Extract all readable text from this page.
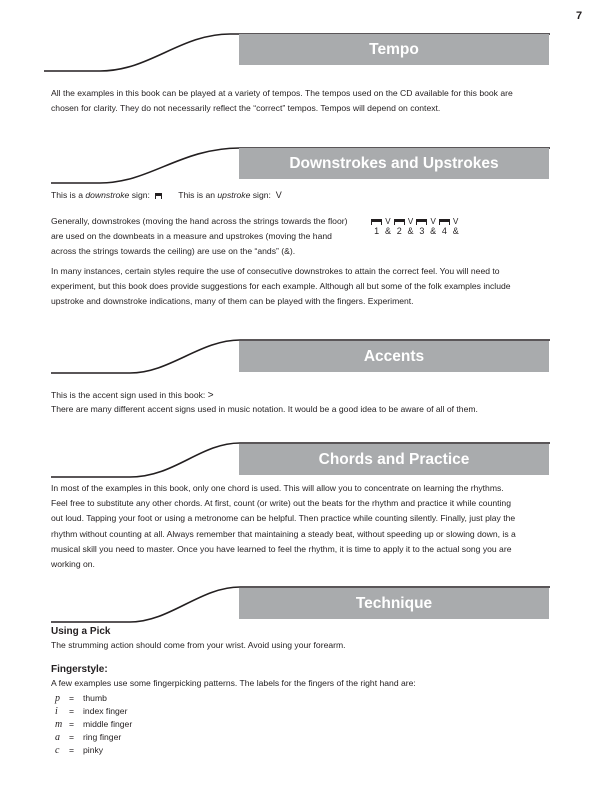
7
Tempo
All the examples in this book can be played at a variety of tempos. The tempos used on the CD available for this book are chosen for clarity. They do not necessarily reflect the “correct” tempos. Tempos will depend on context.
Downstrokes and Upstrokes
This is a downstroke sign:	This is an upstroke sign: V
Generally, downstrokes (moving the hand across the strings towards the floor) are used on the downbeats in a measure and upstrokes (moving the hand across the strings towards the ceiling) are use on the “ands” (&).
V V V V
1 & 2 & 3 & 4 &
In many instances, certain styles require the use of consecutive downstrokes to attain the correct feel. You will need to experiment, but this book does provide suggestions for each example. Although all but some of the folk examples include upstroke and downstroke indications, many of them can be played with the fingers. Experiment.
Accents
This is the accent sign used in this book: >
There are many different accent signs used in music notation. It would be a good idea to be aware of all of them.
Chords and Practice
In most of the examples in this book, only one chord is used. This will allow you to concentrate on learning the rhythms. Feel free to substitute any other chords. At first, count (or write) out the beats for the rhythm and practice it while counting out loud. Tapping your foot or using a metronome can be helpful. Then practice while counting silently. Finally, just play the rhythm without counting at all. Always remember that maintaining a steady beat, without speeding up or slowing down, is a musical skill you need to master. Once you have learned to feel the rhythm, it is time to apply it to the actual song you are working on.
Technique
Using a Pick
The strumming action should come from your wrist. Avoid using your forearm.
Fingerstyle:
A few examples use some fingerpicking patterns. The labels for the fingers of the right hand are:
p	=	thumb
i	=	index finger
m =	middle finger
a	=	ring finger
c	=	pinky
